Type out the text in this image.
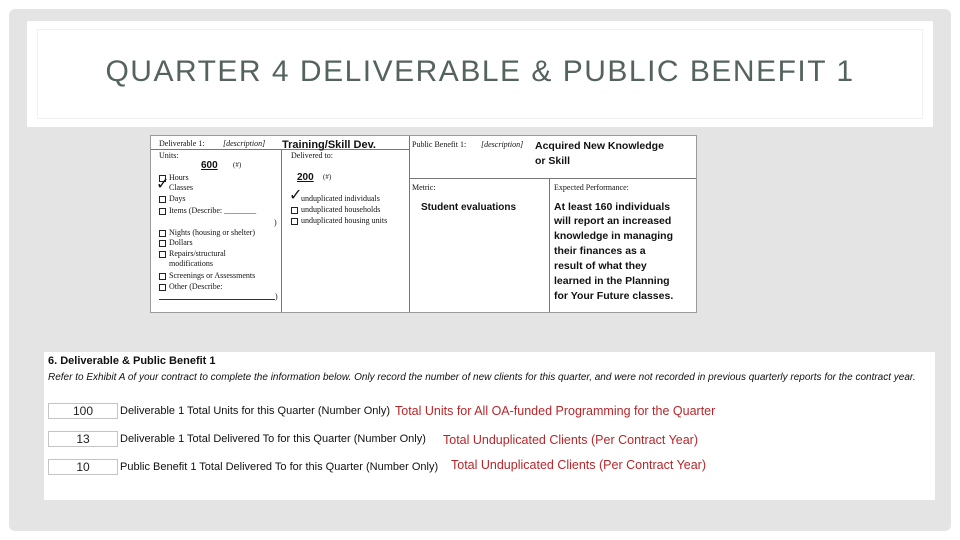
QUARTER 4 DELIVERABLE & PUBLIC BENEFIT 1
Deliverable 1: [description] Training/Skill Dev.
Units:
600 (#)
Hours
✓ Classes
Days
Items (Describe: ________
)
Nights (housing or shelter)
Dollars
Repairs/structural
modifications
Screenings or Assessments
Other (Describe:
)
Delivered to:
200 (#)
✓
unduplicated individuals
unduplicated households
unduplicated housing units
Public Benefit 1: [description] Acquired New Knowledge
or Skill
Metric:
Student evaluations
Expected Performance:
At least 160 individuals
will report an increased
knowledge in managing
their finances as a
result of what they
learned in the Planning
for Your Future classes.
6. Deliverable & Public Benefit 1
Refer to Exhibit A of your contract to complete the information below. Only record the number of new clients for this quarter, and were not recorded in previous quarterly reports for the contract year.
100	Deliverable 1 Total Units for this Quarter (Number Only) Total Units for All OA-funded Programming for the Quarter
13	Deliverable 1 Total Delivered To for this Quarter (Number Only) Total Unduplicated Clients (Per Contract Year)
10	Public Benefit 1 Total Delivered To for this Quarter (Number Only) Total Unduplicated Clients (Per Contract Year)
